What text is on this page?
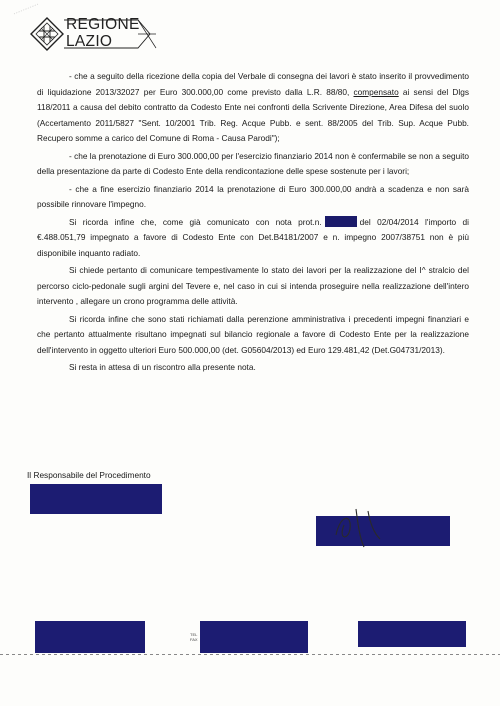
REGIONE
LAZIO

- che a seguito della ricezione della copia del Verbale di consegna dei lavori è stato inserito il provvedimento di liquidazione 2013/32027 per Euro 300.000,00 come previsto dalla L.R. 88/80, compensato ai sensi del Dlgs 118/2011 a causa del debito contratto da Codesto Ente nei confronti della Scrivente Direzione, Area Difesa del suolo (Accertamento 2011/5827 "Sent. 10/2001 Trib. Reg. Acque Pubb. e sent. 88/2005 del Trib. Sup. Acque Pubb. Recupero somme a carico del Comune di Roma - Causa Parodi");

- che la prenotazione di Euro 300.000,00 per l'esercizio finanziario 2014 non è confermabile se non a seguito della presentazione da parte di Codesto Ente della rendicontazione delle spese sostenute per i lavori;

- che a fine esercizio finanziario 2014 la prenotazione di Euro 300.000,00 andrà a scadenza e non sarà possibile rinnovare l'impegno.

Si ricorda infine che, come già comunicato con nota prot.n.	del 02/04/2014 l'importo di €.488.051,79 impegnato a favore di Codesto Ente con Det.B4181/2007 e n. impegno 2007/38751 non è più disponibile inquanto radiato.

Si chiede pertanto di comunicare tempestivamente lo stato dei lavori per la realizzazione del I^ stralcio del percorso ciclo-pedonale sugli argini del Tevere e, nel caso in cui si intenda proseguire nella realizzazione dell'intero intervento , allegare un crono programma delle attività.

Si ricorda infine che sono stati richiamati dalla perenzione amministrativa i precedenti impegni finanziari e che pertanto attualmente risultano impegnati sul bilancio regionale a favore di Codesto Ente per la realizzazione dell'intervento in oggetto ulteriori Euro 500.000,00 (det. G05604/2013) ed Euro 129.481,42 (Det.G04731/2013).

Si resta in attesa di un riscontro alla presente nota.

Il Responsabile del Procedimento
TEL
FAX
